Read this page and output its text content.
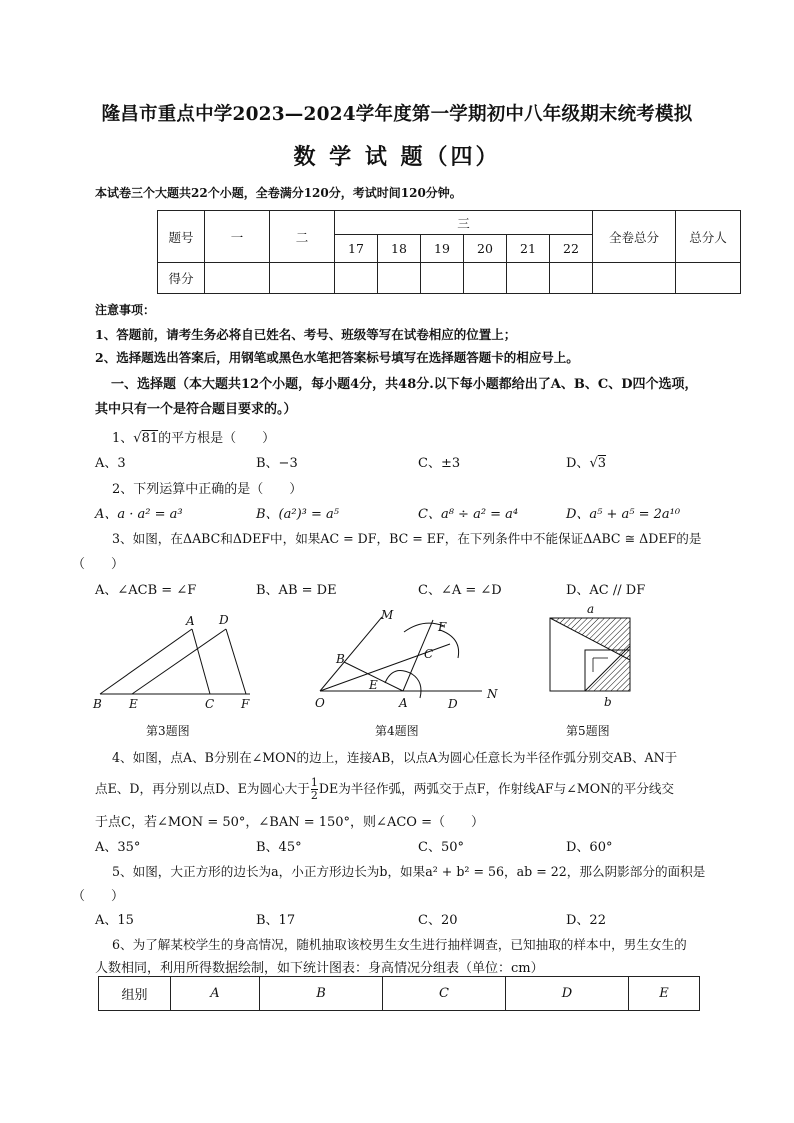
隆昌市重点中学2023—2024学年度第一学期初中八年级期末统考模拟
数 学 试 题（四）
本试卷三个大题共22个小题，全卷满分120分，考试时间120分钟。
题号	一	二	三						全卷总分	总分人
			17	18	19	20	21	22		
得分										
注意事项：
1、答题前，请考生务必将自已姓名、考号、班级等写在试卷相应的位置上；
2、选择题选出答案后，用钢笔或黑色水笔把答案标号填写在选择题答题卡的相应号上。
一、选择题（本大题共12个小题，每小题4分，共48分.以下每小题都给出了A、B、C、D四个选项，
其中只有一个是符合题目要求的。）
1、√81的平方根是（　　）
A、3	B、−3	C、±3	D、√3
2、下列运算中正确的是（　　）
A、a · a² = a³	B、(a²)³ = a⁵	C、a⁸ ÷ a² = a⁴	D、a⁵ + a⁵ = 2a¹⁰
3、如图，在ΔABC和ΔDEF中，如果AC = DF，BC = EF，在下列条件中不能保证ΔABC ≅ ΔDEF的是
（　　）
A、∠ACB = ∠F	B、AB = DE	C、∠A = ∠D	D、AC // DF
A D
B E	C F
第3题图
M
F
C
B
E
O	A	D
N
第4题图
a
b
第5题图
4、如图，点A、B分别在∠MON的边上，连接AB，以点A为圆心任意长为半径作弧分别交AB、AN于
点E、D，再分别以点D、E为圆心大于 $\frac{1}{2}$ DE为半径作弧，两弧交于点F，作射线AF与∠MON的平分线交
于点C，若∠MON = 50°，∠BAN = 150°，则∠ACO =（　　）
A、35°	B、45°	C、50°	D、60°
5、如图，大正方形的边长为a，小正方形边长为b，如果a² + b² = 56，ab = 22，那么阴影部分的面积是
（　　）
A、15	B、17	C、20	D、22
6、为了解某校学生的身高情况，随机抽取该校男生女生进行抽样调查，已知抽取的样本中，男生女生的
人数相同，利用所得数据绘制，如下统计图表：身高情况分组表（单位：cm）
组别	A	B	C	D	E
